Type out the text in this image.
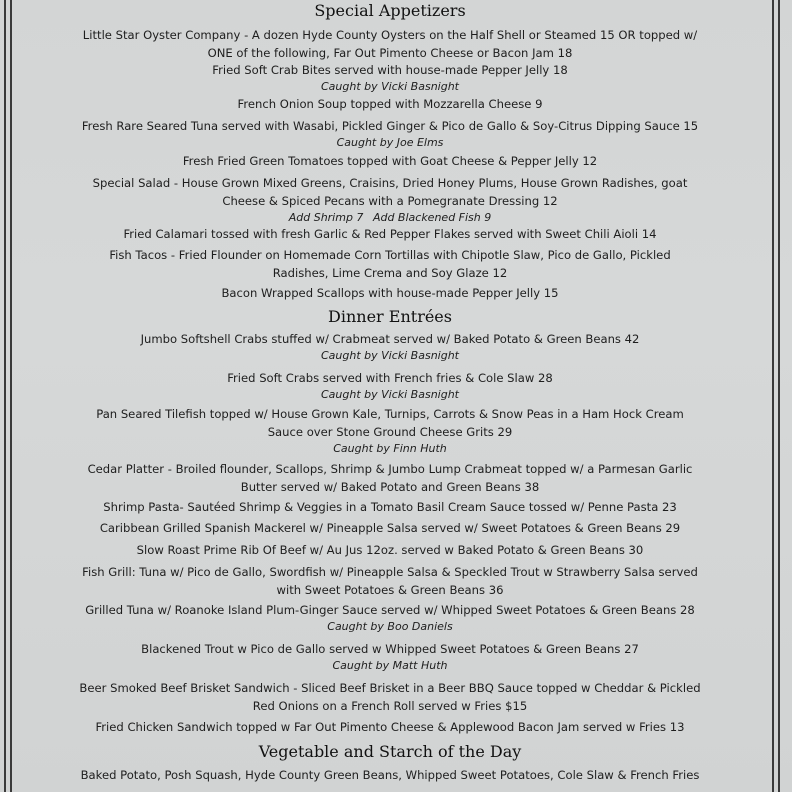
Special Appetizers

Little Star Oyster Company - A dozen Hyde County Oysters on the Half Shell or Steamed 15 OR topped w/

ONE of the following, Far Out Pimento Cheese or Bacon Jam 18

Fried Soft Crab Bites served with house-made Pepper Jelly 18

Caught by Vicki Basnight

French Onion Soup topped with Mozzarella Cheese 9

Fresh Rare Seared Tuna served with Wasabi, Pickled Ginger & Pico de Gallo & Soy-Citrus Dipping Sauce 15

Caught by Joe Elms

Fresh Fried Green Tomatoes topped with Goat Cheese & Pepper Jelly 12

Special Salad - House Grown Mixed Greens, Craisins, Dried Honey Plums, House Grown Radishes, goat

Cheese & Spiced Pecans with a Pomegranate Dressing 12

Add Shrimp 7 Add Blackened Fish 9

Fried Calamari tossed with fresh Garlic & Red Pepper Flakes served with Sweet Chili Aioli 14

Fish Tacos - Fried Flounder on Homemade Corn Tortillas with Chipotle Slaw, Pico de Gallo, Pickled

Radishes, Lime Crema and Soy Glaze 12

Bacon Wrapped Scallops with house-made Pepper Jelly 15

Dinner Entrées

Jumbo Softshell Crabs stuffed w/ Crabmeat served w/ Baked Potato & Green Beans 42

Caught by Vicki Basnight

Fried Soft Crabs served with French fries & Cole Slaw 28

Caught by Vicki Basnight

Pan Seared Tilefish topped w/ House Grown Kale, Turnips, Carrots & Snow Peas in a Ham Hock Cream

Sauce over Stone Ground Cheese Grits 29

Caught by Finn Huth

Cedar Platter - Broiled flounder, Scallops, Shrimp & Jumbo Lump Crabmeat topped w/ a Parmesan Garlic

Butter served w/ Baked Potato and Green Beans 38

Shrimp Pasta- Sautéed Shrimp & Veggies in a Tomato Basil Cream Sauce tossed w/ Penne Pasta 23

Caribbean Grilled Spanish Mackerel w/ Pineapple Salsa served w/ Sweet Potatoes & Green Beans 29

Slow Roast Prime Rib Of Beef w/ Au Jus 12oz. served w Baked Potato & Green Beans 30

Fish Grill: Tuna w/ Pico de Gallo, Swordfish w/ Pineapple Salsa & Speckled Trout w Strawberry Salsa served

with Sweet Potatoes & Green Beans 36

Grilled Tuna w/ Roanoke Island Plum-Ginger Sauce served w/ Whipped Sweet Potatoes & Green Beans 28

Caught by Boo Daniels

Blackened Trout w Pico de Gallo served w Whipped Sweet Potatoes & Green Beans 27

Caught by Matt Huth

Beer Smoked Beef Brisket Sandwich - Sliced Beef Brisket in a Beer BBQ Sauce topped w Cheddar & Pickled

Red Onions on a French Roll served w Fries $15

Fried Chicken Sandwich topped w Far Out Pimento Cheese & Applewood Bacon Jam served w Fries 13

Vegetable and Starch of the Day

Baked Potato, Posh Squash, Hyde County Green Beans, Whipped Sweet Potatoes, Cole Slaw & French Fries
